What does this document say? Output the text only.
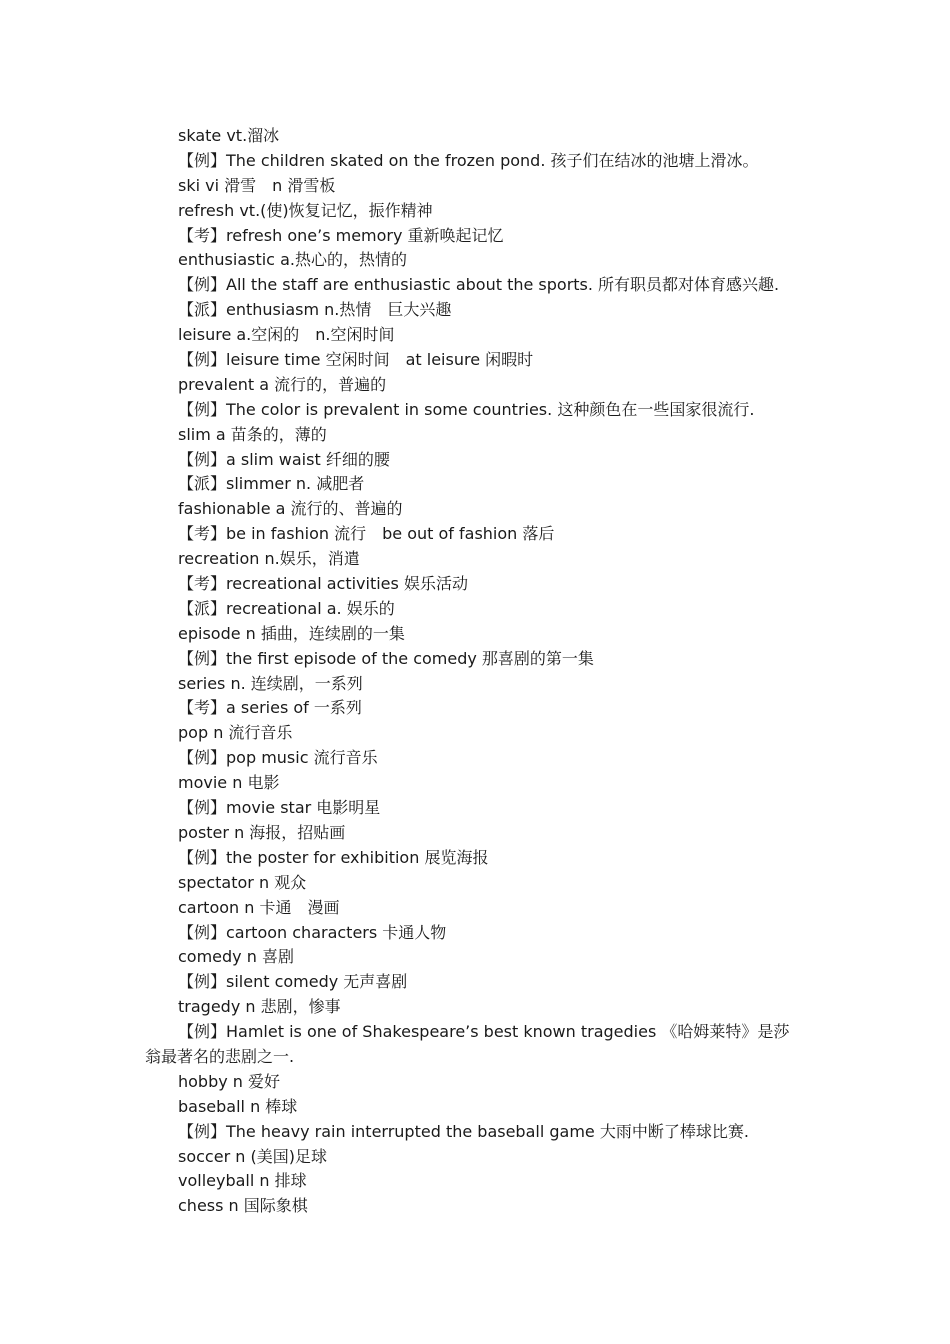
skate vt.溜冰
【例】The children skated on the frozen pond. 孩子们在结冰的池塘上滑冰。
ski vi 滑雪　n 滑雪板
refresh vt.(使)恢复记忆，振作精神
【考】refresh one’s memory 重新唤起记忆
enthusiastic a.热心的，热情的
【例】All the staff are enthusiastic about the sports. 所有职员都对体育感兴趣.
【派】enthusiasm n.热情　巨大兴趣
leisure a.空闲的　n.空闲时间
【例】leisure time 空闲时间　at leisure 闲暇时
prevalent a 流行的，普遍的
【例】The color is prevalent in some countries. 这种颜色在一些国家很流行.
slim a 苗条的，薄的
【例】a slim waist 纤细的腰
【派】slimmer n. 减肥者
fashionable a 流行的、普遍的
【考】be in fashion 流行　be out of fashion 落后
recreation n.娱乐，消遣
【考】recreational activities 娱乐活动
【派】recreational a. 娱乐的
episode n 插曲，连续剧的一集
【例】the first episode of the comedy 那喜剧的第一集
series n. 连续剧，一系列
【考】a series of 一系列
pop n 流行音乐
【例】pop music 流行音乐
movie n 电影
【例】movie star 电影明星
poster n 海报，招贴画
【例】the poster for exhibition 展览海报
spectator n 观众
cartoon n 卡通　漫画
【例】cartoon characters 卡通人物
comedy n 喜剧
【例】silent comedy 无声喜剧
tragedy n 悲剧，惨事
【例】Hamlet is one of Shakespeare’s best known tragedies 《哈姆莱特》是莎
翁最著名的悲剧之一.
hobby n 爱好
baseball n 棒球
【例】The heavy rain interrupted the baseball game 大雨中断了棒球比赛.
soccer n (美国)足球
volleyball n 排球
chess n 国际象棋
